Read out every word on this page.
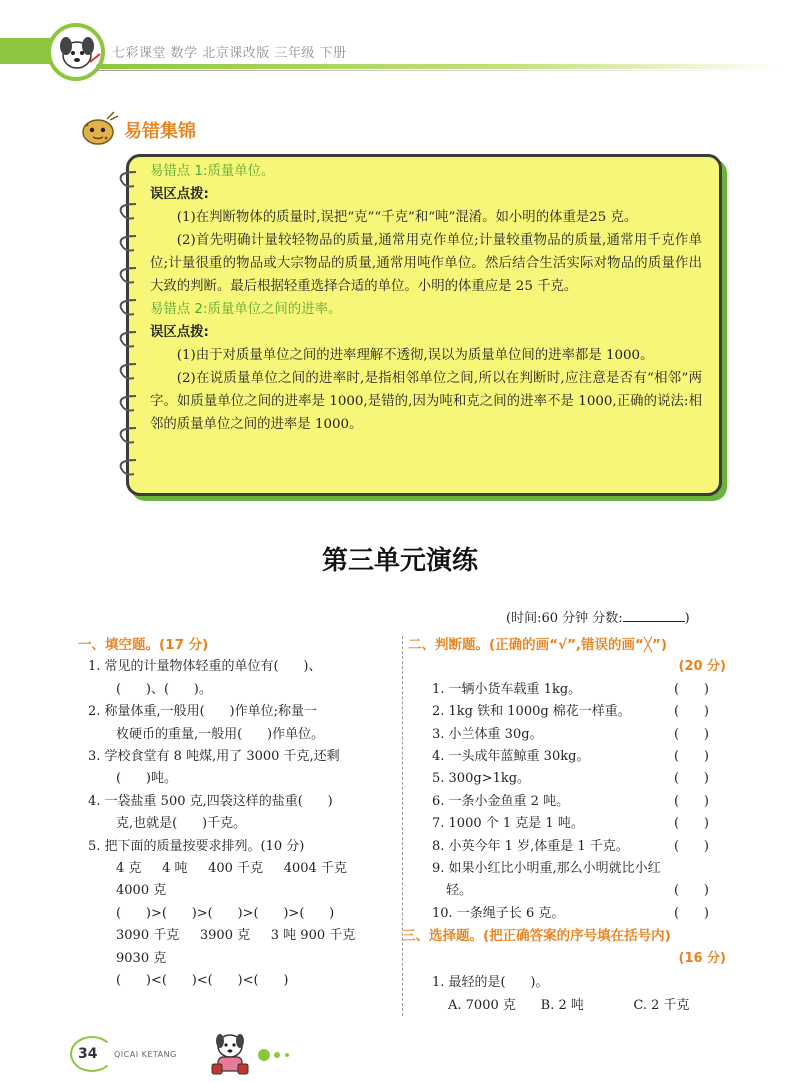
七彩课堂 数学 北京课改版 三年级 下册
易错集锦

易错点 1:质量单位。

误区点拨:

(1)在判断物体的质量时,误把“克”“千克”和“吨”混淆。如小明的体重是25 克。

(2)首先明确计量较轻物品的质量,通常用克作单位;计量较重物品的质量,通常用千克作单位;计量很重的物品或大宗物品的质量,通常用吨作单位。然后结合生活实际对物品的质量作出大致的判断。最后根据轻重选择合适的单位。小明的体重应是 25 千克。

易错点 2:质量单位之间的进率。

误区点拨:

(1)由于对质量单位之间的进率理解不透彻,误以为质量单位间的进率都是 1000。

(2)在说质量单位之间的进率时,是指相邻单位之间,所以在判断时,应注意是否有“相邻”两字。如质量单位之间的进率是 1000,是错的,因为吨和克之间的进率不是 1000,正确的说法:相邻的质量单位之间的进率是 1000。

第三单元演练
(时间:60 分钟 分数:	)

一、填空题。(17 分)

1. 常见的计量物体轻重的单位有(      )、

(      )、(      )。

2. 称量体重,一般用(      )作单位;称量一

枚硬币的重量,一般用(      )作单位。

3. 学校食堂有 8 吨煤,用了 3000 千克,还剩

(      )吨。

4. 一袋盐重 500 克,四袋这样的盐重(      )

克,也就是(      )千克。

5. 把下面的质量按要求排列。(10 分)

4 克     4 吨     400 千克     4004 千克

4000 克

(      )>(      )>(      )>(      )>(      )

3090 千克     3900 克     3 吨 900 千克

9030 克

(      )<(      )<(      )<(      )

二、判断题。(正确的画“√”,错误的画“╳”)

(20 分)

1. 一辆小货车载重 1kg。	(      )
2. 1kg 铁和 1000g 棉花一样重。	(      )
3. 小兰体重 30g。	(      )
4. 一头成年蓝鲸重 30kg。	(      )
5. 300g>1kg。	(      )
6. 一条小金鱼重 2 吨。	(      )
7. 1000 个 1 克是 1 吨。	(      )
8. 小英今年 1 岁,体重是 1 千克。	(      )

9. 如果小红比小明重,那么小明就比小红

轻。	(      )
10. 一条绳子长 6 克。	(      )

三、选择题。(把正确答案的序号填在括号内)

(16 分)

1. 最轻的是(      )。

A. 7000 克	B. 2 吨	C. 2 千克
34 QICAI KETANG
